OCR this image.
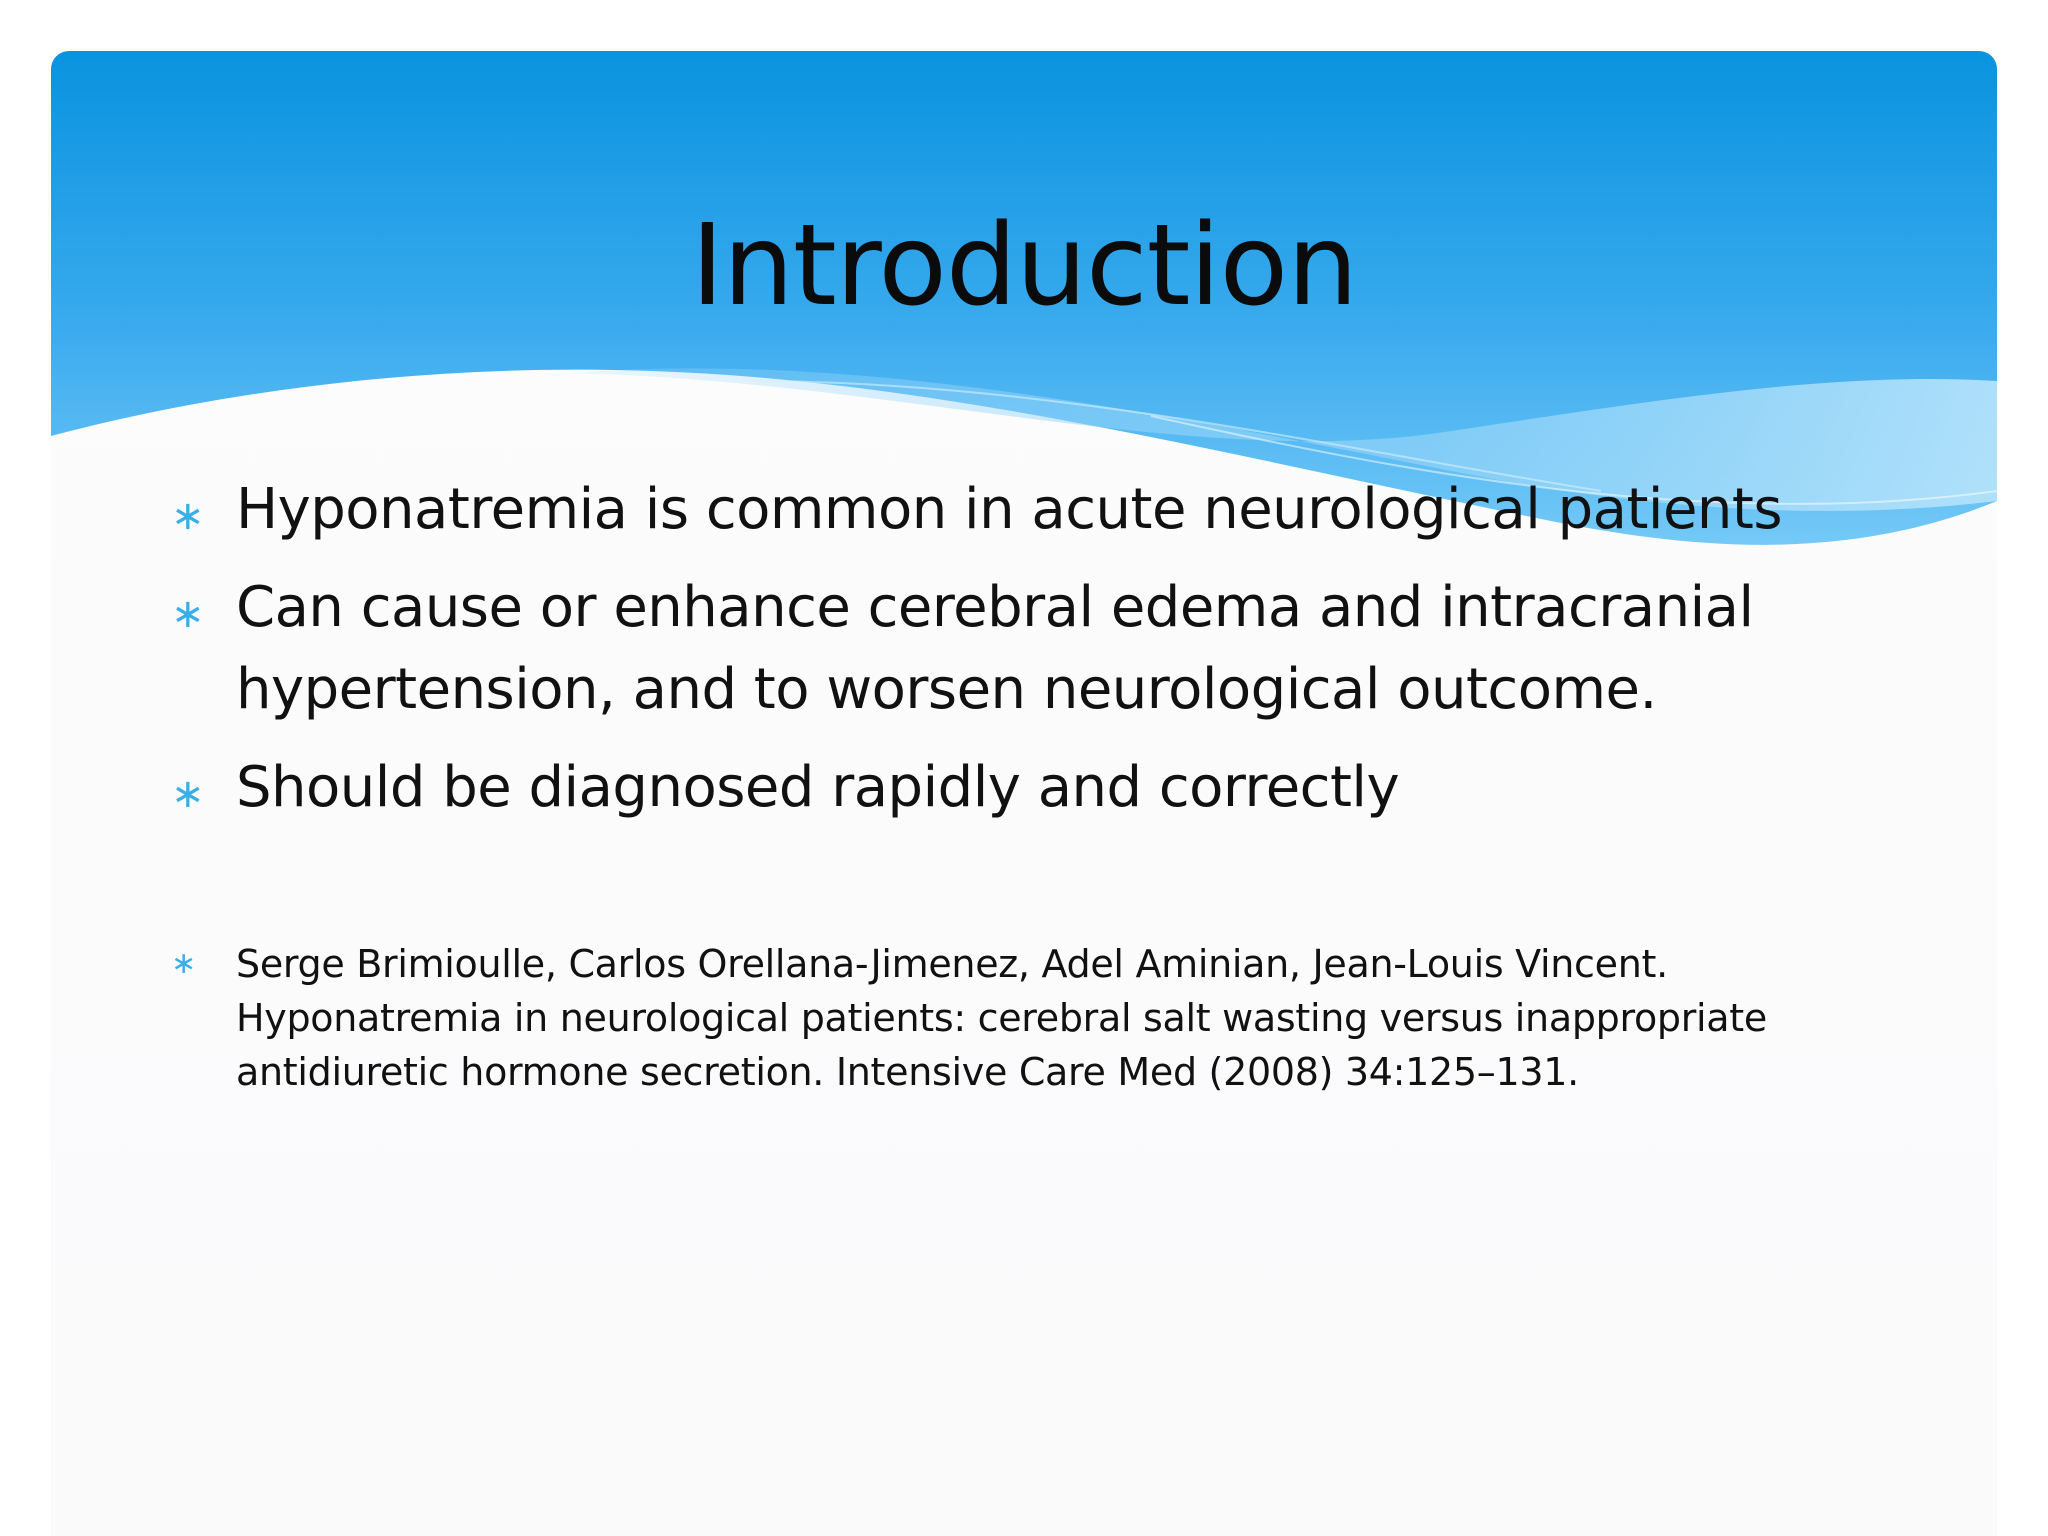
Introduction
∗ Hyponatremia is common in acute neurological patients
∗ Can cause or enhance cerebral edema and intracranial hypertension, and to worsen neurological outcome.
∗ Should be diagnosed rapidly and correctly
∗ Serge Brimioulle, Carlos Orellana-Jimenez, Adel Aminian, Jean-Louis Vincent. Hyponatremia in neurological patients: cerebral salt wasting versus inappropriate antidiuretic hormone secretion. Intensive Care Med (2008) 34:125–131.
